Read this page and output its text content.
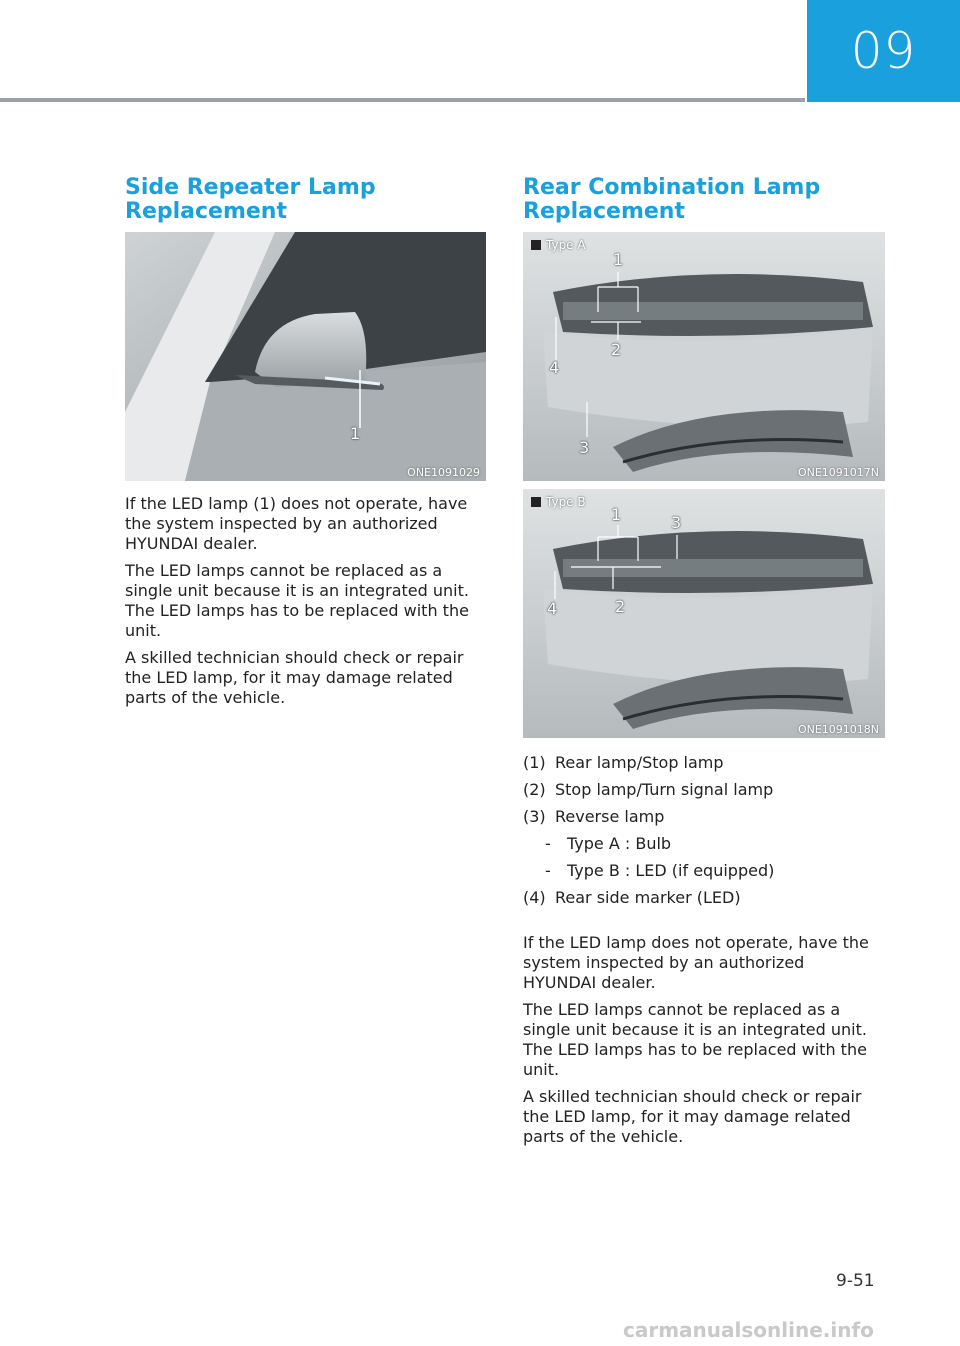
09
Side Repeater Lamp
Replacement
1
ONE1091029

If the LED lamp (1) does not operate, have the system inspected by an authorized HYUNDAI dealer.

The LED lamps cannot be replaced as a single unit because it is an integrated unit. The LED lamps has to be replaced with the unit.

A skilled technician should check or repair the LED lamp, for it may damage related parts of the vehicle.

Rear Combination Lamp
Replacement
Type A
1
2
3
4
ONE1091017N
Type B
1
2
3
4
ONE1091018N
(1) Rear lamp/Stop lamp
(2) Stop lamp/Turn signal lamp
(3) Reverse lamp
-	Type A : Bulb
-	Type B : LED (if equipped)
(4) Rear side marker (LED)

If the LED lamp does not operate, have the system inspected by an authorized HYUNDAI dealer.

The LED lamps cannot be replaced as a single unit because it is an integrated unit. The LED lamps has to be replaced with the unit.

A skilled technician should check or repair the LED lamp, for it may damage related parts of the vehicle.

9-51
carmanualsonline.info
